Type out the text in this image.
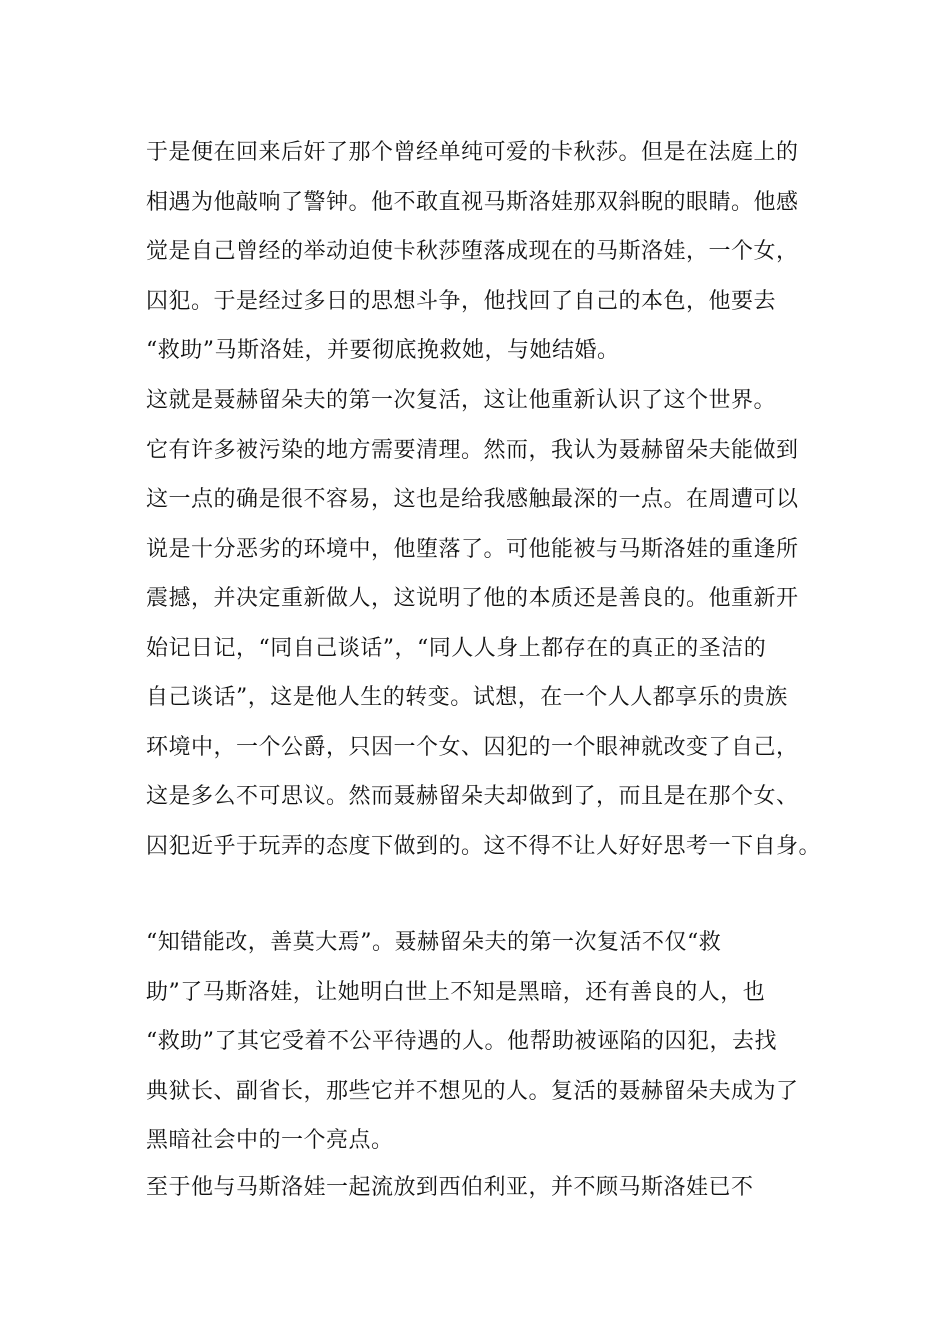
于是便在回来后奸了那个曾经单纯可爱的卡秋莎。但是在法庭上的
相遇为他敲响了警钟。他不敢直视马斯洛娃那双斜睨的眼睛。他感
觉是自己曾经的举动迫使卡秋莎堕落成现在的马斯洛娃，一个女，
囚犯。于是经过多日的思想斗争，他找回了自己的本色，他要去
“救助”马斯洛娃，并要彻底挽救她，与她结婚。

这就是聂赫留朵夫的第一次复活，这让他重新认识了这个世界。
它有许多被污染的地方需要清理。然而，我认为聂赫留朵夫能做到
这一点的确是很不容易，这也是给我感触最深的一点。在周遭可以
说是十分恶劣的环境中，他堕落了。可他能被与马斯洛娃的重逢所
震撼，并决定重新做人，这说明了他的本质还是善良的。他重新开
始记日记，“同自己谈话”，“同人人身上都存在的真正的圣洁的
自己谈话”，这是他人生的转变。试想，在一个人人都享乐的贵族
环境中，一个公爵，只因一个女、囚犯的一个眼神就改变了自己，
这是多么不可思议。然而聂赫留朵夫却做到了，而且是在那个女、
囚犯近乎于玩弄的态度下做到的。这不得不让人好好思考一下自身。

“知错能改，善莫大焉”。聂赫留朵夫的第一次复活不仅“救
助”了马斯洛娃，让她明白世上不知是黑暗，还有善良的人，也
“救助”了其它受着不公平待遇的人。他帮助被诬陷的囚犯，去找
典狱长、副省长，那些它并不想见的人。复活的聂赫留朵夫成为了
黑暗社会中的一个亮点。

至于他与马斯洛娃一起流放到西伯利亚，并不顾马斯洛娃已不
